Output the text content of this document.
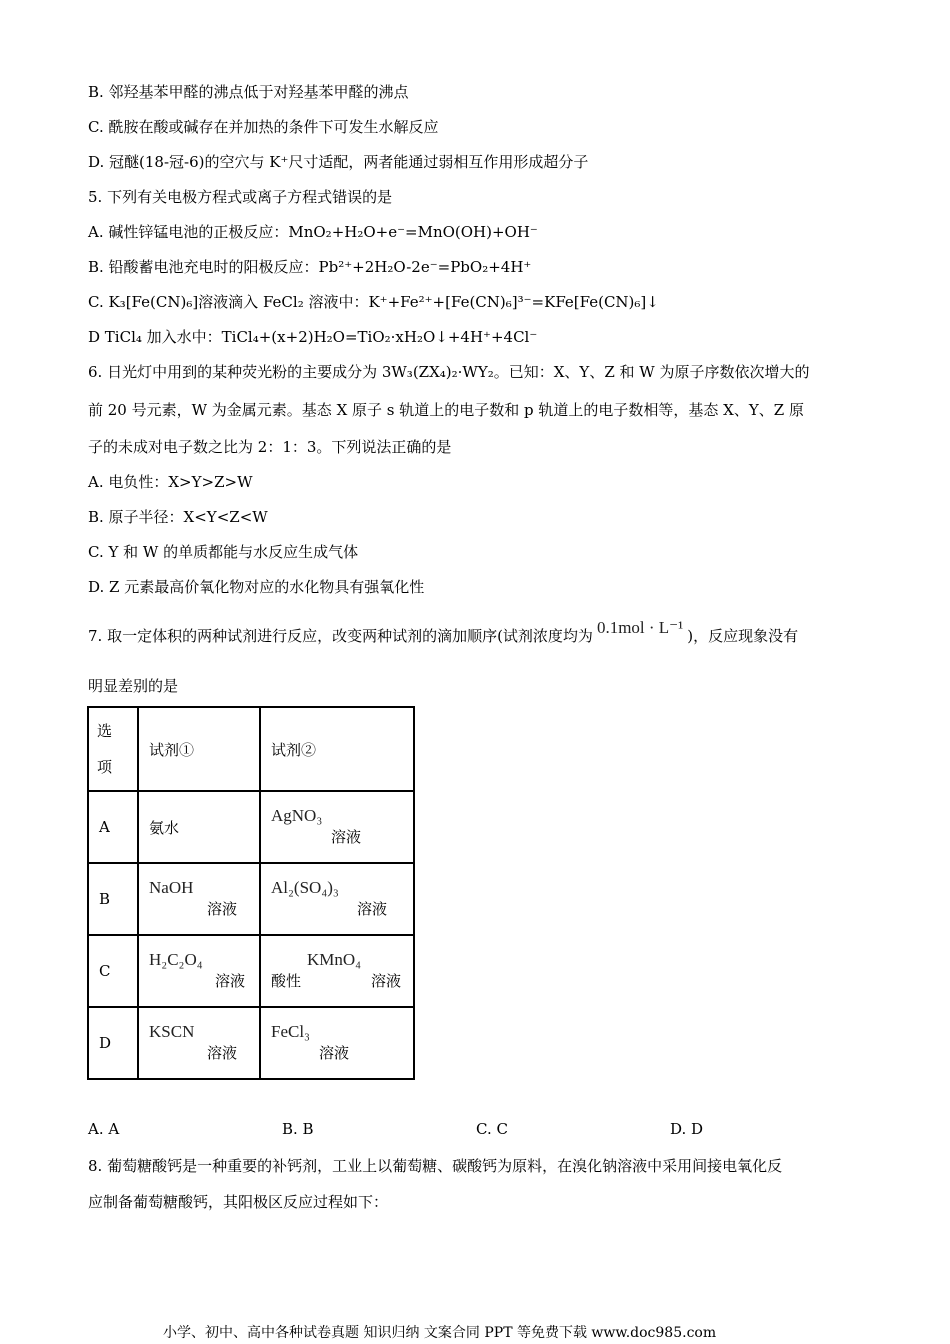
B. 邻羟基苯甲醛的沸点低于对羟基苯甲醛的沸点
C. 酰胺在酸或碱存在并加热的条件下可发生水解反应
D. 冠醚(18-冠-6)的空穴与 K⁺尺寸适配，两者能通过弱相互作用形成超分子
5. 下列有关电极方程式或离子方程式错误的是
A. 碱性锌锰电池的正极反应：MnO₂+H₂O+e⁻=MnO(OH)+OH⁻
B. 铅酸蓄电池充电时的阳极反应：Pb²⁺+2H₂O-2e⁻=PbO₂+4H⁺
C. K₃[Fe(CN)₆]溶液滴入 FeCl₂ 溶液中：K⁺+Fe²⁺+[Fe(CN)₆]³⁻=KFe[Fe(CN)₆]↓
D TiCl₄ 加入水中：TiCl₄+(x+2)H₂O=TiO₂·xH₂O↓+4H⁺+4Cl⁻
6. 日光灯中用到的某种荧光粉的主要成分为 3W₃(ZX₄)₂·WY₂。已知：X、Y、Z 和 W 为原子序数依次增大的
前 20 号元素，W 为金属元素。基态 X 原子 s 轨道上的电子数和 p 轨道上的电子数相等，基态 X、Y、Z 原
子的未成对电子数之比为 2：1：3。下列说法正确的是
A. 电负性：X>Y>Z>W
B. 原子半径：X<Y<Z<W
C. Y 和 W 的单质都能与水反应生成气体
D. Z 元素最高价氧化物对应的水化物具有强氧化性
7. 取一定体积的两种试剂进行反应，改变两种试剂的滴加顺序(试剂浓度均为 0.1mol · L⁻¹ )，反应现象没有
明显差别的是
选项	试剂①	试剂②
A	氨水	AgNO₃
溶液

B	NaOH
溶液	Al₂(SO₄)₃
溶液

C	H₂C₂O₄
溶液	酸性
KMnO₄
溶液

D	KSCN
溶液	FeCl₃
溶液
A. A	B. B	C. C	D. D
8. 葡萄糖酸钙是一种重要的补钙剂，工业上以葡萄糖、碳酸钙为原料，在溴化钠溶液中采用间接电氧化反
应制备葡萄糖酸钙，其阳极区反应过程如下：
小学、初中、高中各种试卷真题 知识归纳 文案合同 PPT 等免费下载 www.doc985.com
